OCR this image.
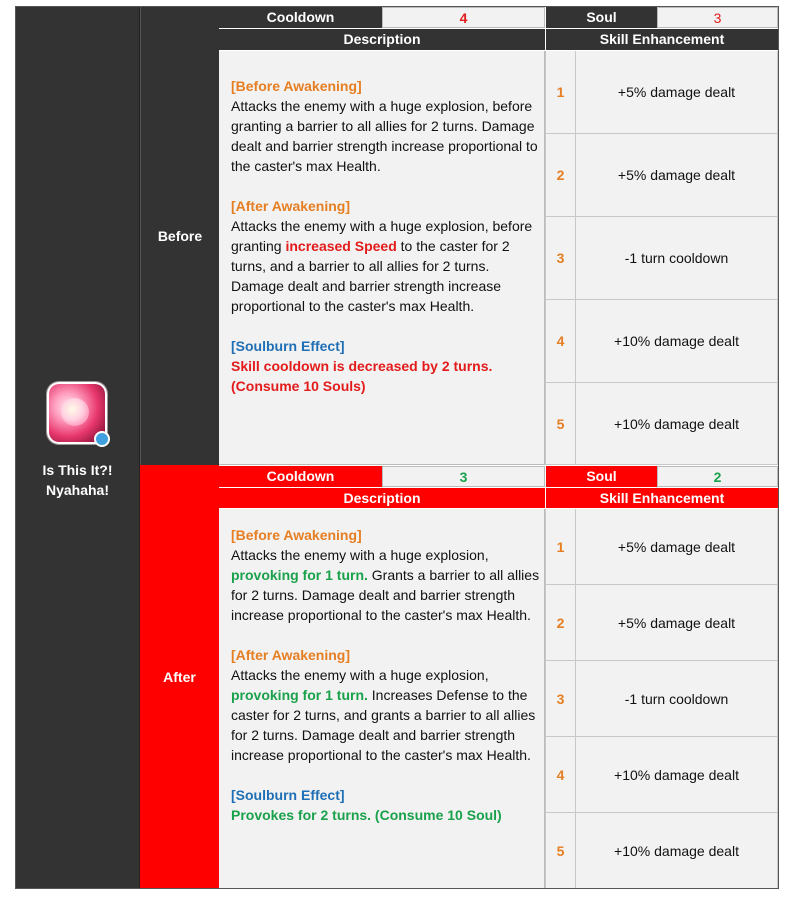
Is This It?!
Nyahaha!
Before
After
Cooldown	4	Soul	3
Description	Skill Enhancement

[Before Awakening]
Attacks the enemy with a huge explosion, before granting a barrier to all allies for 2 turns. Damage dealt and barrier strength increase proportional to the caster's max Health.

[After Awakening]
Attacks the enemy with a huge explosion, before granting increased Speed to the caster for 2 turns, and a barrier to all allies for 2 turns. Damage dealt and barrier strength increase proportional to the caster's max Health.

[Soulburn Effect]
Skill cooldown is decreased by 2 turns. (Consume 10 Souls)

1	+5% damage dealt
2	+5% damage dealt
3	-1 turn cooldown
4	+10% damage dealt
5	+10% damage dealt
Cooldown	3	Soul	2
Description	Skill Enhancement

[Before Awakening]
Attacks the enemy with a huge explosion, provoking for 1 turn. Grants a barrier to all allies for 2 turns. Damage dealt and barrier strength increase proportional to the caster's max Health.

[After Awakening]
Attacks the enemy with a huge explosion, provoking for 1 turn. Increases Defense to the caster for 2 turns, and grants a barrier to all allies for 2 turns. Damage dealt and barrier strength increase proportional to the caster's max Health.

[Soulburn Effect]
Provokes for 2 turns. (Consume 10 Soul)

1	+5% damage dealt
2	+5% damage dealt
3	-1 turn cooldown
4	+10% damage dealt
5	+10% damage dealt
